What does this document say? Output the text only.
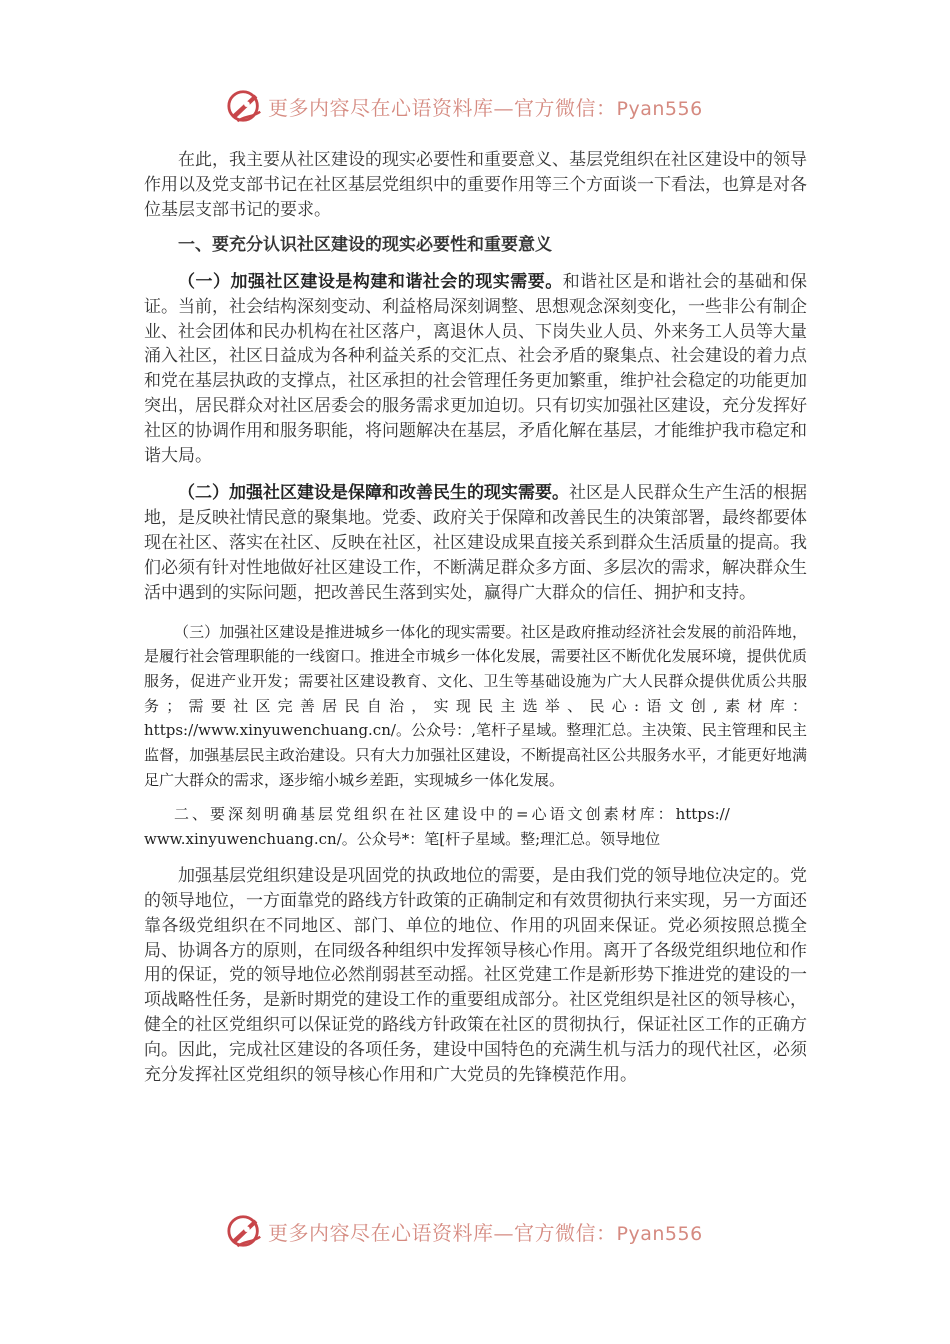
更多内容尽在心语资料库—官方微信：Pyan556

在此，我主要从社区建设的现实必要性和重要意义、基层党组织在社区建设中的领导作用以及党支部书记在社区基层党组织中的重要作用等三个方面谈一下看法，也算是对各位基层支部书记的要求。

一、要充分认识社区建设的现实必要性和重要意义

（一）加强社区建设是构建和谐社会的现实需要。和谐社区是和谐社会的基础和保证。当前，社会结构深刻变动、利益格局深刻调整、思想观念深刻变化，一些非公有制企业、社会团体和民办机构在社区落户，离退休人员、下岗失业人员、外来务工人员等大量涌入社区，社区日益成为各种利益关系的交汇点、社会矛盾的聚集点、社会建设的着力点和党在基层执政的支撑点，社区承担的社会管理任务更加繁重，维护社会稳定的功能更加突出，居民群众对社区居委会的服务需求更加迫切。只有切实加强社区建设，充分发挥好社区的协调作用和服务职能，将问题解决在基层，矛盾化解在基层，才能维护我市稳定和谐大局。

（二）加强社区建设是保障和改善民生的现实需要。社区是人民群众生产生活的根据地，是反映社情民意的聚集地。党委、政府关于保障和改善民生的决策部署，最终都要体现在社区、落实在社区、反映在社区，社区建设成果直接关系到群众生活质量的提高。我们必须有针对性地做好社区建设工作，不断满足群众多方面、多层次的需求，解决群众生活中遇到的实际问题，把改善民生落到实处，赢得广大群众的信任、拥护和支持。

（三）加强社区建设是推进城乡一体化的现实需要。社区是政府推动经济社会发展的前沿阵地，是履行社会管理职能的一线窗口。推进全市城乡一体化发展，需要社区不断优化发展环境，提供优质服务，促进产业开发；需要社区建设教育、文化、卫生等基础设施为广大人民群众提供优质公共服务；需要社区完善居民自治，实现民主选举、民心:语文创,素材库：https://www.xinyuwenchuang.cn/。公众号：,笔杆子星域。整理汇总。主决策、民主管理和民主监督，加强基层民主政治建设。只有大力加强社区建设，不断提高社区公共服务水平，才能更好地满足广大群众的需求，逐步缩小城乡差距，实现城乡一体化发展。

二、要深刻明确基层党组织在社区建设中的=心语文创素材库：https://
www.xinyuwenchuang.cn/。公众号*：笔[杆子星域。整;理汇总。领导地位

加强基层党组织建设是巩固党的执政地位的需要，是由我们党的领导地位决定的。党的领导地位，一方面靠党的路线方针政策的正确制定和有效贯彻执行来实现，另一方面还靠各级党组织在不同地区、部门、单位的地位、作用的巩固来保证。党必须按照总揽全局、协调各方的原则，在同级各种组织中发挥领导核心作用。离开了各级党组织地位和作用的保证，党的领导地位必然削弱甚至动摇。社区党建工作是新形势下推进党的建设的一项战略性任务，是新时期党的建设工作的重要组成部分。社区党组织是社区的领导核心，健全的社区党组织可以保证党的路线方针政策在社区的贯彻执行，保证社区工作的正确方向。因此，完成社区建设的各项任务，建设中国特色的充满生机与活力的现代社区，必须充分发挥社区党组织的领导核心作用和广大党员的先锋模范作用。

更多内容尽在心语资料库—官方微信：Pyan556
